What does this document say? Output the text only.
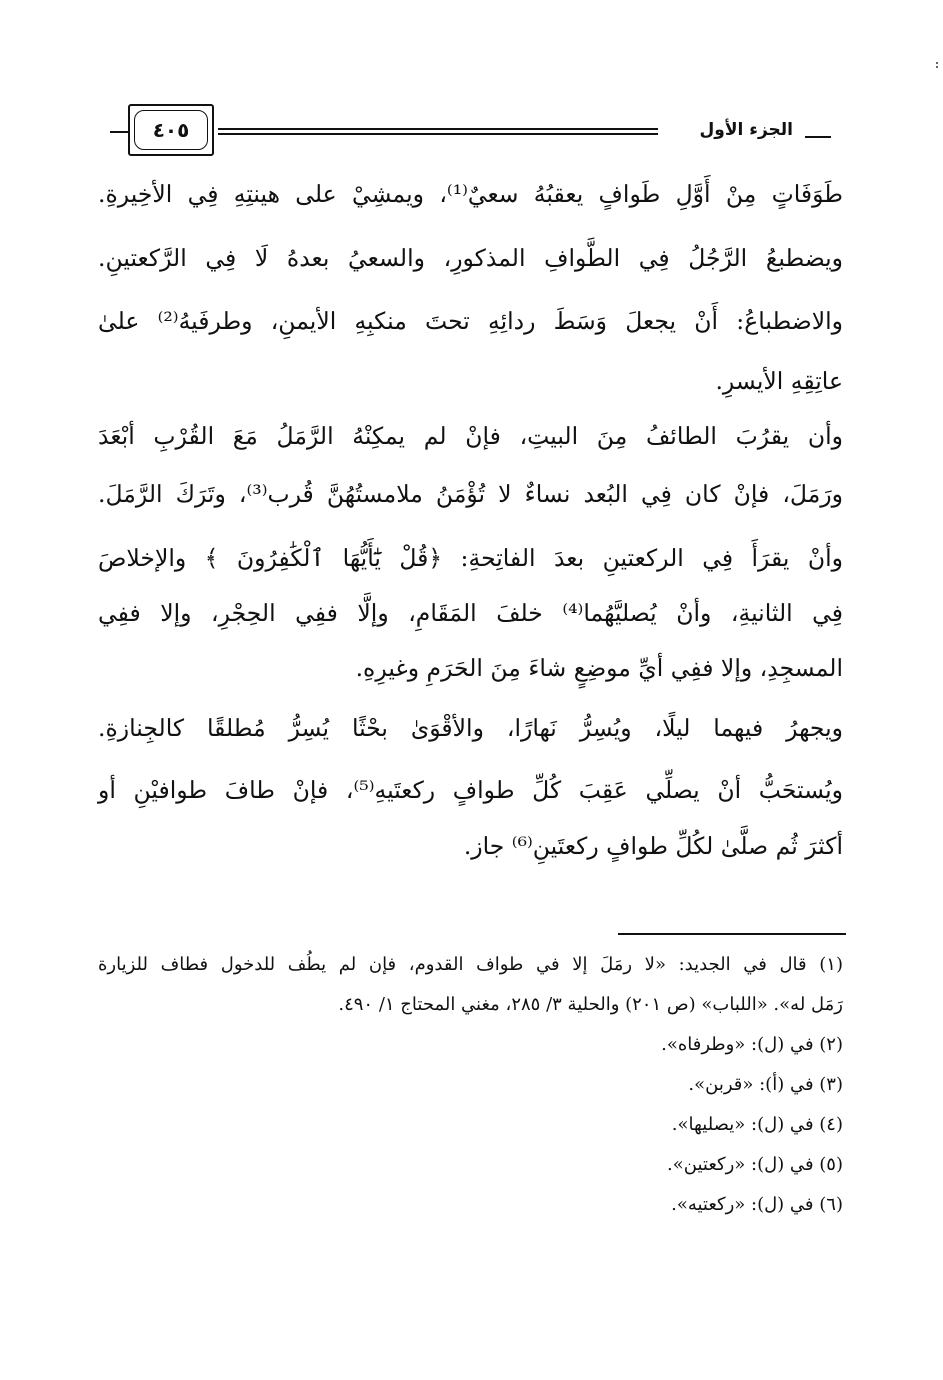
الجزء الأول
٤٠٥
طَوَفَاتٍ مِنْ أَوَّلِ طَوافٍ يعقبُهُ سعيٌ⁽¹⁾، ويمشِيْ على هينتِهِ فِي الأخِيرةِ.
ويضطبعُ الرَّجُلُ فِي الطَّوافِ المذكورِ، والسعيُ بعدهُ لَا فِي الرَّكعتينِ.
والاضطباعُ: أَنْ يجعلَ وَسَطَ ردائِهِ تحتَ منكبِهِ الأيمنِ، وطرفَيهُ⁽²⁾ علىٰ
عاتِقِهِ الأيسرِ.
وأن يقرُبَ الطائفُ مِنَ البيتِ، فإنْ لم يمكِنْهُ الرَّمَلُ مَعَ القُرْبِ أبْعَدَ
ورَمَلَ، فإنْ كان فِي البُعد نساءٌ لا تُؤْمَنُ ملامستُهُنَّ قُرب⁽³⁾، وتَرَكَ الرَّمَلَ.
وأنْ يقرَأَ فِي الركعتينِ بعدَ الفاتِحةِ: ﴿قُلْ يَٰٓأَيُّهَا ٱلْكَٰفِرُونَ ﴾ والإخلاصَ
فِي الثانيةِ، وأنْ يُصليَّهُما⁽⁴⁾ خلفَ المَقَامِ، وإلَّا ففِي الحِجْرِ، وإلا ففِي
المسجِدِ، وإلا ففِي أيِّ موضِعٍ شاءَ مِنَ الحَرَمِ وغيرِهِ.
ويجهرُ فيهما ليلًا، ويُسِرُّ نَهارًا، والأقْوَىٰ بحْثًا يُسِرُّ مُطلقًا كالجِنازةِ.
ويُستحَبُّ أنْ يصلِّي عَقِبَ كُلِّ طوافٍ ركعتَيهِ⁽⁵⁾، فإنْ طافَ طوافيْنِ أو
أكثرَ ثُم صلَّىٰ لكُلِّ طوافٍ ركعتَينِ⁽⁶⁾ جاز.
(١) قال في الجديد: «لا رمَلَ إلا في طواف القدوم، فإن لم يطُف للدخول فطاف للزيارة
رَمَل له». «اللباب» (ص ٢٠١) والحلية ٣/ ٢٨٥، مغني المحتاج ١/ ٤٩٠.
(٢) في (ل): «وطرفاه».
(٣) في (أ): «قربن».
(٤) في (ل): «يصليها».
(٥) في (ل): «ركعتين».
(٦) في (ل): «ركعتيه».
